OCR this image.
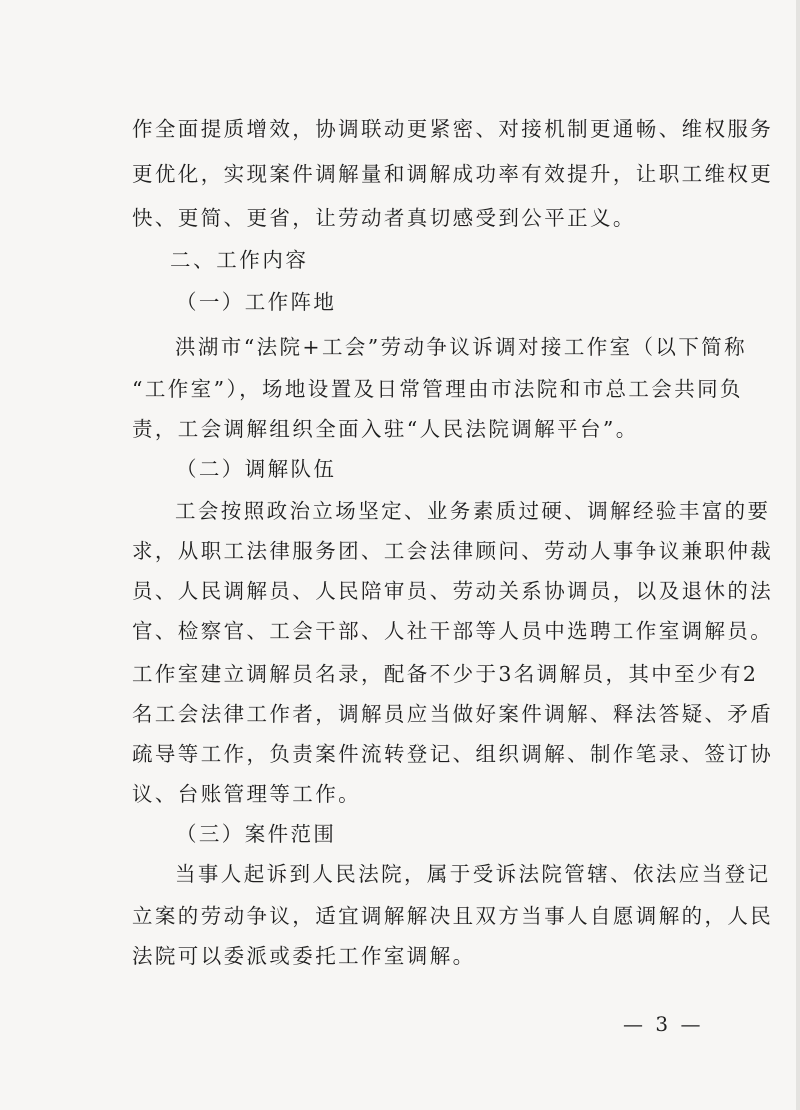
作全面提质增效，协调联动更紧密、对接机制更通畅、维权服务
更优化，实现案件调解量和调解成功率有效提升，让职工维权更
快、更简、更省，让劳动者真切感受到公平正义。
二、工作内容
（一）工作阵地
洪湖市“法院+工会”劳动争议诉调对接工作室（以下简称
“工作室”），场地设置及日常管理由市法院和市总工会共同负
责，工会调解组织全面入驻“人民法院调解平台”。
（二）调解队伍
工会按照政治立场坚定、业务素质过硬、调解经验丰富的要
求，从职工法律服务团、工会法律顾问、劳动人事争议兼职仲裁
员、人民调解员、人民陪审员、劳动关系协调员，以及退休的法
官、检察官、工会干部、人社干部等人员中选聘工作室调解员。
工作室建立调解员名录，配备不少于3名调解员，其中至少有2
名工会法律工作者，调解员应当做好案件调解、释法答疑、矛盾
疏导等工作，负责案件流转登记、组织调解、制作笔录、签订协
议、台账管理等工作。
（三）案件范围
当事人起诉到人民法院，属于受诉法院管辖、依法应当登记
立案的劳动争议，适宜调解解决且双方当事人自愿调解的，人民
法院可以委派或委托工作室调解。
— 3 —
